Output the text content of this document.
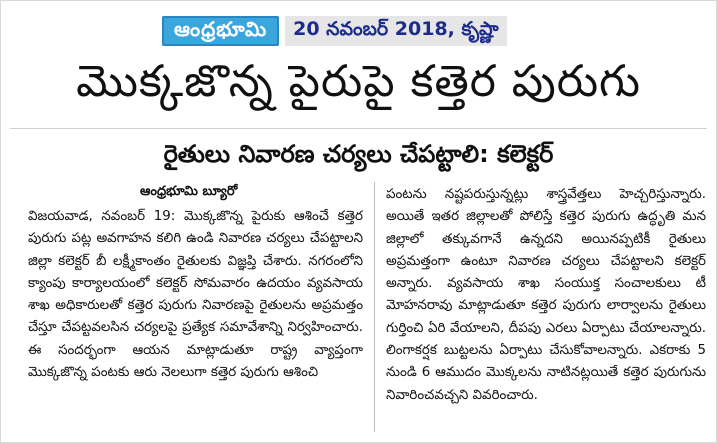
ఆంధ్రభూమి	20 నవంబర్ 2018, కృష్ణా
మొక్కజొన్న పైరుపై కత్తెర పురుగు
రైతులు నివారణ చర్యలు చేపట్టాలి: కలెక్టర్
ఆంధ్రభూమి బ్యూరో
విజయవాడ, నవంబర్ 19: మొక్కజొన్న పైరుకు ఆశించే కత్తెర పురుగు పట్ల అవగాహన కలిగి ఉండి నివారణ చర్యలు చేపట్టాలని జిల్లా కలెక్టర్ బీ లక్ష్మీకాంతం రైతులకు విజ్ఞప్తి చేశారు. నగరంలోని క్యాంపు కార్యాలయంలో కలెక్టర్ సోమవారం ఉదయం వ్యవసాయ శాఖ అధికారులతో కత్తెర పురుగు నివారణపై రైతులను అప్రమత్తం చేస్తూ చేపట్టవలసిన చర్యలపై ప్రత్యేక సమావేశాన్ని నిర్వహించారు. ఈ సందర్భంగా ఆయన మాట్లాడుతూ రాష్ట్ర వ్యాప్తంగా మొక్కజొన్న పంటకు ఆరు నెలలుగా కత్తెర పురుగు ఆశించి
పంటను నష్టపరుస్తున్నట్లు శాస్త్రవేత్తలు హెచ్చరిస్తున్నారు. అయితే ఇతర జిల్లాలతో పోలిస్తే కత్తెర పురుగు ఉద్ధృతి మన జిల్లాలో తక్కువగానే ఉన్నదని అయినప్పటికీ రైతులు అప్రమత్తంగా ఉంటూ నివారణ చర్యలు చేపట్టాలని కలెక్టర్ అన్నారు. వ్యవసాయ శాఖ సంయుక్త సంచాలకులు టీ మోహనరావు మాట్లాడుతూ కత్తెర పురుగు లార్వాలను రైతులు గుర్తించి ఏరి వేయాలని, దీపపు ఎరలు ఏర్పాటు చేయాలన్నారు. లింగాకర్షక బుట్టలను ఏర్పాటు చేసుకోవాలన్నారు. ఎకరాకు 5 నుండి 6 ఆముదం మొక్కలను నాటినట్లయితే కత్తెర పురుగును నివారించవచ్చని వివరించారు.
